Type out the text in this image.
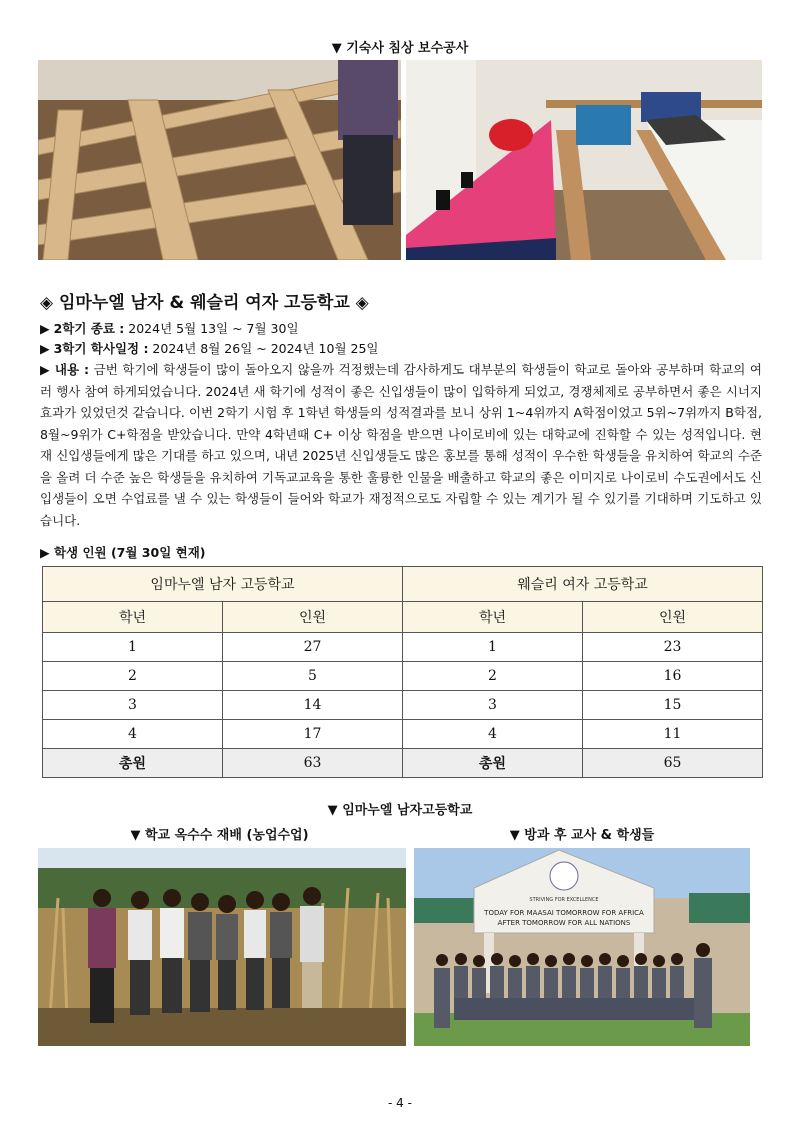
▼ 기숙사 침상 보수공사
◈ 임마누엘 남자 & 웨슬리 여자 고등학교 ◈
▶ 2학기 종료 : 2024년 5월 13일 ~ 7월 30일
▶ 3학기 학사일정 : 2024년 8월 26일 ~ 2024년 10월 25일

▶ 내용 : 금번 학기에 학생들이 많이 돌아오지 않을까 걱정했는데 감사하게도 대부분의 학생들이 학교로 돌아와 공부하며 학교의 여러 행사 참여 하게되었습니다. 2024년 새 학기에 성적이 좋은 신입생들이 많이 입학하게 되었고, 경쟁체제로 공부하면서 좋은 시너지 효과가 있었던것 같습니다. 이번 2학기 시험 후 1학년 학생들의 성적결과를 보니 상위 1~4위까지 A학점이었고 5위~7위까지 B학점, 8월~9위가 C+학점을 받았습니다. 만약 4학년때 C+ 이상 학점을 받으면 나이로비에 있는 대학교에 진학할 수 있는 성적입니다. 현재 신입생들에게 많은 기대를 하고 있으며, 내년 2025년 신입생들도 많은 홍보를 통해 성적이 우수한 학생들을 유치하여 학교의 수준을 올려 더 수준 높은 학생들을 유치하여 기독교교육을 통한 훌륭한 인물을 배출하고 학교의 좋은 이미지로 나이로비 수도권에서도 신입생들이 오면 수업료를 낼 수 있는 학생들이 들어와 학교가 재정적으로도 자립할 수 있는 계기가 될 수 있기를 기대하며 기도하고 있습니다.

▶ 학생 인원 (7월 30일 현재)
임마누엘 남자 고등학교		웨슬리 여자 고등학교	
학년	인원	학년	인원
1	27	1	23
2	5	2	16
3	14	3	15
4	17	4	11
총원	63	총원	65
▼ 임마누엘 남자고등학교
▼ 학교 옥수수 재배 (농업수업)	▼ 방과 후 교사 & 학생들
STRIVING FOR EXCELLENCE
TODAY FOR MAASAI TOMORROW FOR AFRICA
AFTER TOMORROW FOR ALL NATIONS
- 4 -
